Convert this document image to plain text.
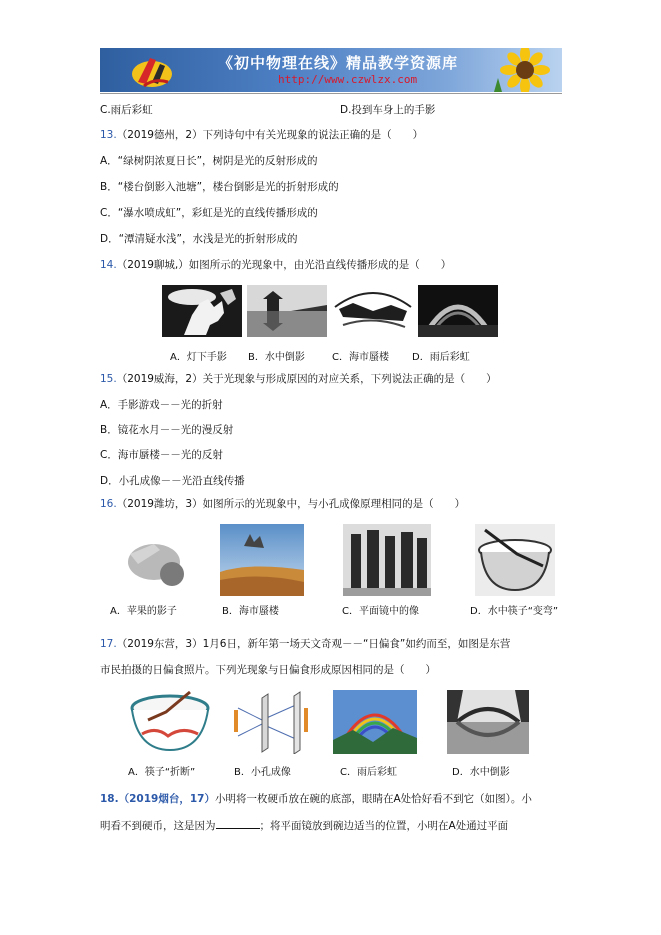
《初中物理在线》精品教学资源库
http://www.czwlzx.com
C.雨后彩虹	D.投到车身上的手影
13.（2019德州，2）下列诗句中有关光现象的说法正确的是（　　）
A．“绿树阴浓夏日长”，树阴是光的反射形成的
B．“楼台倒影入池塘”，楼台倒影是光的折射形成的
C．“瀑水喷成虹”，彩虹是光的直线传播形成的
D．“潭清疑水浅”，水浅是光的折射形成的
14.（2019聊城,）如图所示的光现象中，由光沿直线传播形成的是（　　）
A．灯下手影 B．水中倒影	C．海市蜃楼 D．雨后彩虹
15.（2019威海，2）关于光现象与形成原因的对应关系，下列说法正确的是（　　）
A．手影游戏－－光的折射
B．镜花水月－－光的漫反射
C．海市蜃楼－－光的反射
D．小孔成像－－光沿直线传播
16.（2019潍坊，3）如图所示的光现象中，与小孔成像原理相同的是（　　）
A．苹果的影子	B．海市蜃楼	C．平面镜中的像	D．水中筷子“变弯”
17.（2019东营，3）1月6日，新年第一场天文奇观－－“日偏食”如约而至，如图是东营
市民拍摄的日偏食照片。下列光现象与日偏食形成原因相同的是（　　）
A．筷子“折断”	B．小孔成像	C．雨后彩虹	D．水中倒影
18.（2019烟台，17）小明将一枚硬币放在碗的底部，眼睛在A处恰好看不到它（如图）。小
明看不到硬币，这是因为	；将平面镜放到碗边适当的位置，小明在A处通过平面
